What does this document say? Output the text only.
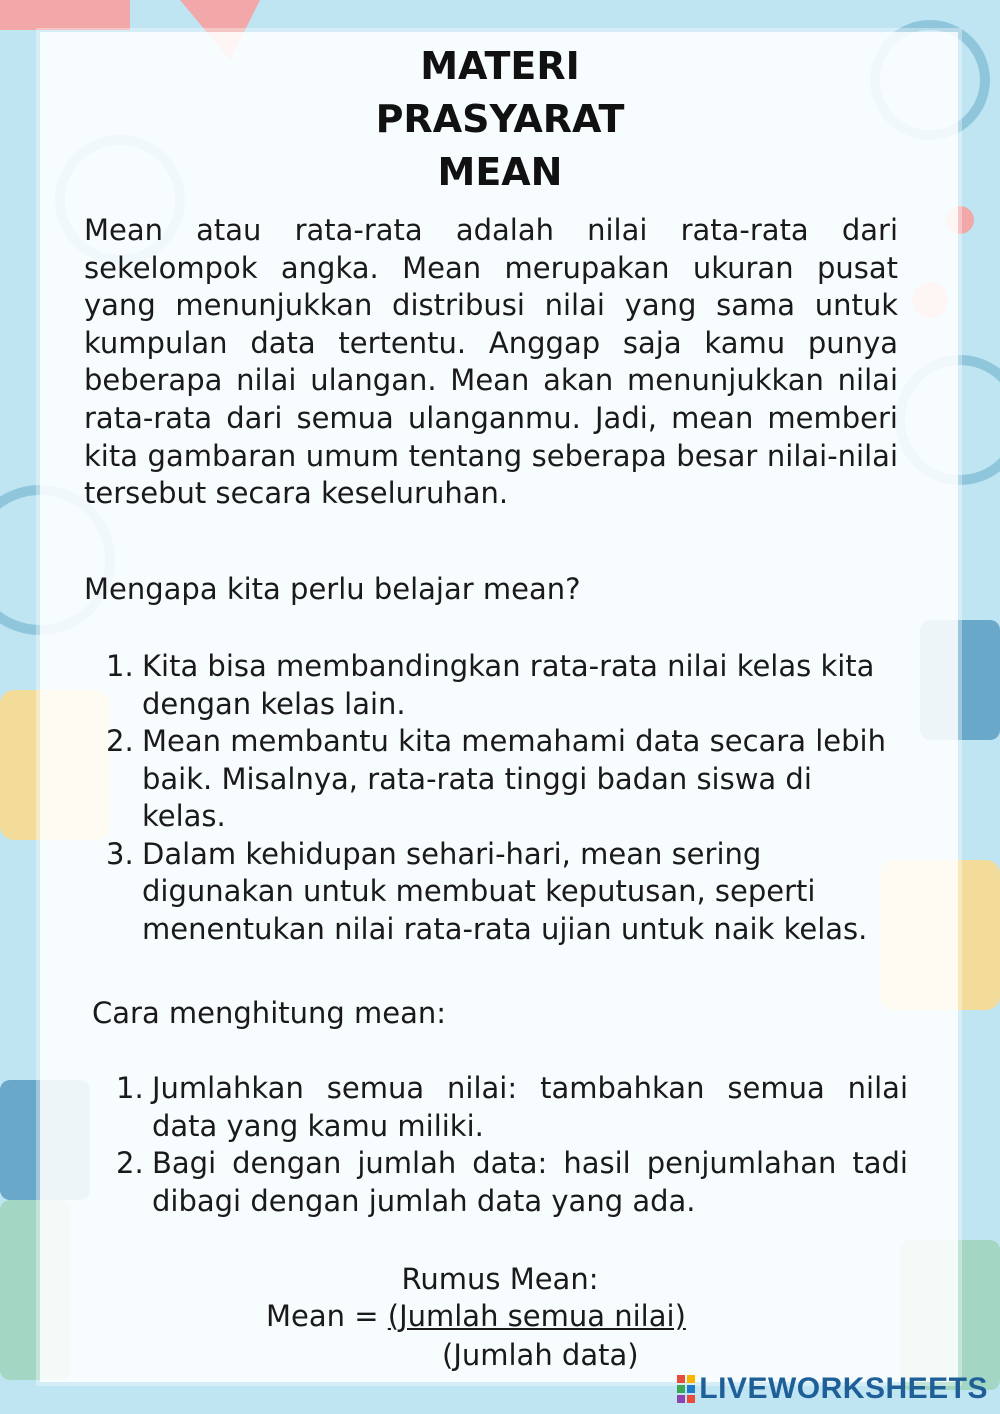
MATERI
PRASYARAT
MEAN

Mean atau rata-rata adalah nilai rata-rata dari sekelompok angka. Mean merupakan ukuran pusat yang menunjukkan distribusi nilai yang sama untuk kumpulan data tertentu. Anggap saja kamu punya beberapa nilai ulangan. Mean akan menunjukkan nilai rata-rata dari semua ulanganmu. Jadi, mean memberi kita gambaran umum tentang seberapa besar nilai-nilai tersebut secara keseluruhan.

Mengapa kita perlu belajar mean?

1. Kita bisa membandingkan rata-rata nilai kelas kita dengan kelas lain.
2. Mean membantu kita memahami data secara lebih baik. Misalnya, rata-rata tinggi badan siswa di kelas.
3. Dalam kehidupan sehari-hari, mean sering digunakan untuk membuat keputusan, seperti menentukan nilai rata-rata ujian untuk naik kelas.

Cara menghitung mean:

1. Jumlahkan semua nilai: tambahkan semua nilai data yang kamu miliki.
2. Bagi dengan jumlah data: hasil penjumlahan tadi dibagi dengan jumlah data yang ada.
Rumus Mean:
Mean = (Jumlah semua nilai)
(Jumlah data)
LIVEWORKSHEETS
